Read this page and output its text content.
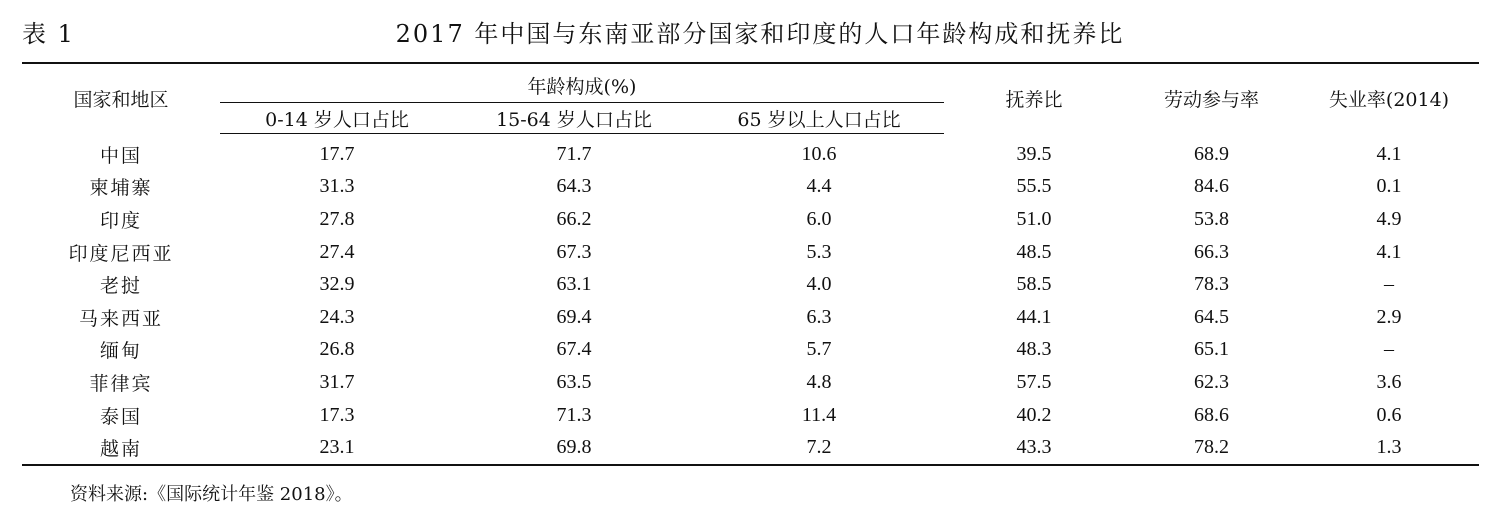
表 1	2017 年中国与东南亚部分国家和印度的人口年龄构成和抚养比
国家和地区	年龄构成(%)			抚养比	劳动参与率	失业率(2014)
	0-14 岁人口占比	15-64 岁人口占比	65 岁以上人口占比			
中国	17.7	71.7	10.6	39.5	68.9	4.1
柬埔寨	31.3	64.3	4.4	55.5	84.6	0.1
印度	27.8	66.2	6.0	51.0	53.8	4.9
印度尼西亚	27.4	67.3	5.3	48.5	66.3	4.1
老挝	32.9	63.1	4.0	58.5	78.3	–
马来西亚	24.3	69.4	6.3	44.1	64.5	2.9
缅甸	26.8	67.4	5.7	48.3	65.1	–
菲律宾	31.7	63.5	4.8	57.5	62.3	3.6
泰国	17.3	71.3	11.4	40.2	68.6	0.6
越南	23.1	69.8	7.2	43.3	78.2	1.3
资料来源:《国际统计年鉴 2018》。
